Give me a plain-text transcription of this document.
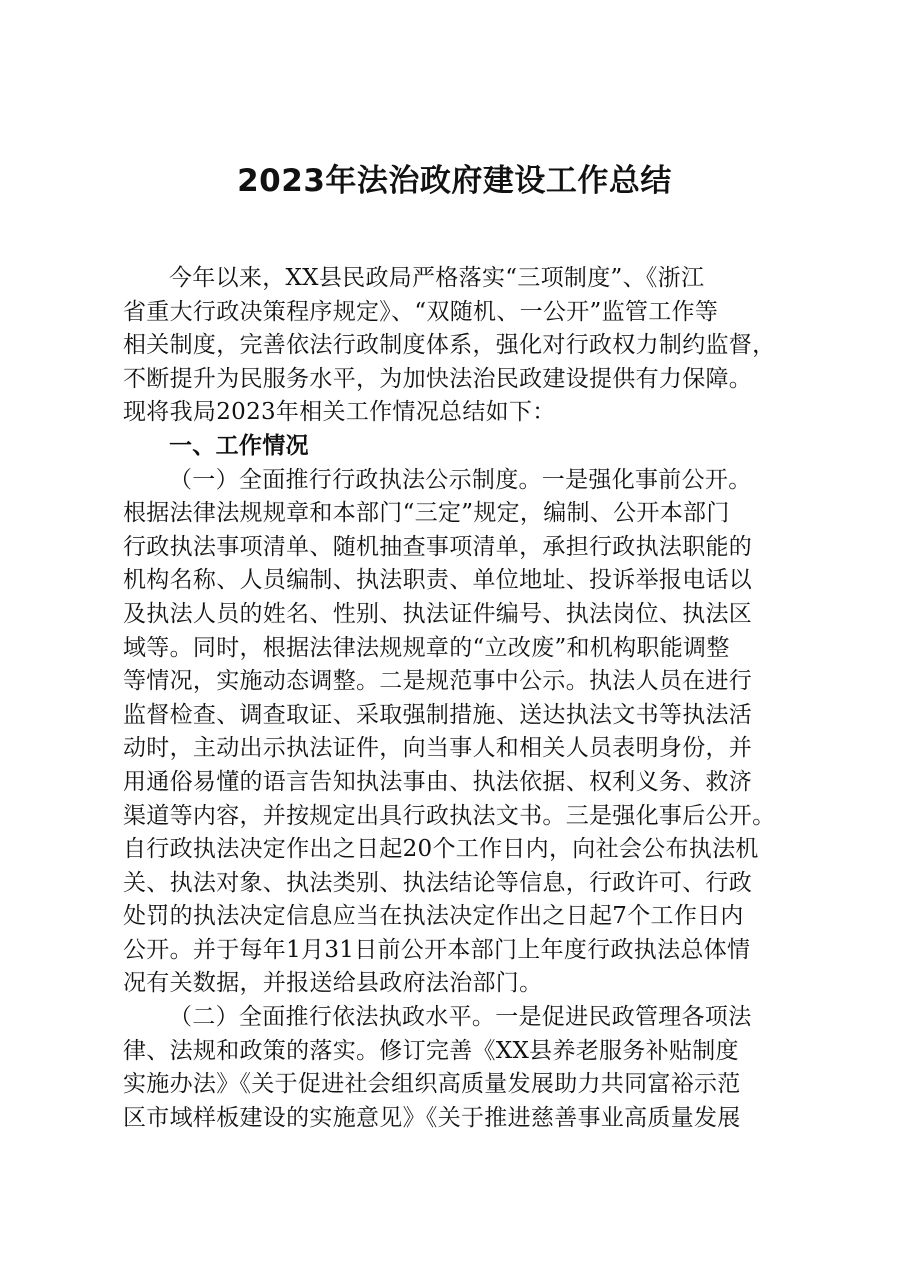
2023年法治政府建设工作总结
今年以来，XX县民政局严格落实“三项制度”、《浙江
省重大行政决策程序规定》、“双随机、一公开”监管工作等
相关制度，完善依法行政制度体系，强化对行政权力制约监督，
不断提升为民服务水平，为加快法治民政建设提供有力保障。
现将我局2023年相关工作情况总结如下：
一、工作情况
（一）全面推行行政执法公示制度。一是强化事前公开。
根据法律法规规章和本部门“三定”规定，编制、公开本部门
行政执法事项清单、随机抽查事项清单，承担行政执法职能的
机构名称、人员编制、执法职责、单位地址、投诉举报电话以
及执法人员的姓名、性别、执法证件编号、执法岗位、执法区
域等。同时，根据法律法规规章的“立改废”和机构职能调整
等情况，实施动态调整。二是规范事中公示。执法人员在进行
监督检查、调查取证、采取强制措施、送达执法文书等执法活
动时，主动出示执法证件，向当事人和相关人员表明身份，并
用通俗易懂的语言告知执法事由、执法依据、权利义务、救济
渠道等内容，并按规定出具行政执法文书。三是强化事后公开。
自行政执法决定作出之日起20个工作日内，向社会公布执法机
关、执法对象、执法类别、执法结论等信息，行政许可、行政
处罚的执法决定信息应当在执法决定作出之日起7个工作日内
公开。并于每年1月31日前公开本部门上年度行政执法总体情
况有关数据，并报送给县政府法治部门。
（二）全面推行依法执政水平。一是促进民政管理各项法
律、法规和政策的落实。修订完善《XX县养老服务补贴制度
实施办法》《关于促进社会组织高质量发展助力共同富裕示范
区市域样板建设的实施意见》《关于推进慈善事业高质量发展
